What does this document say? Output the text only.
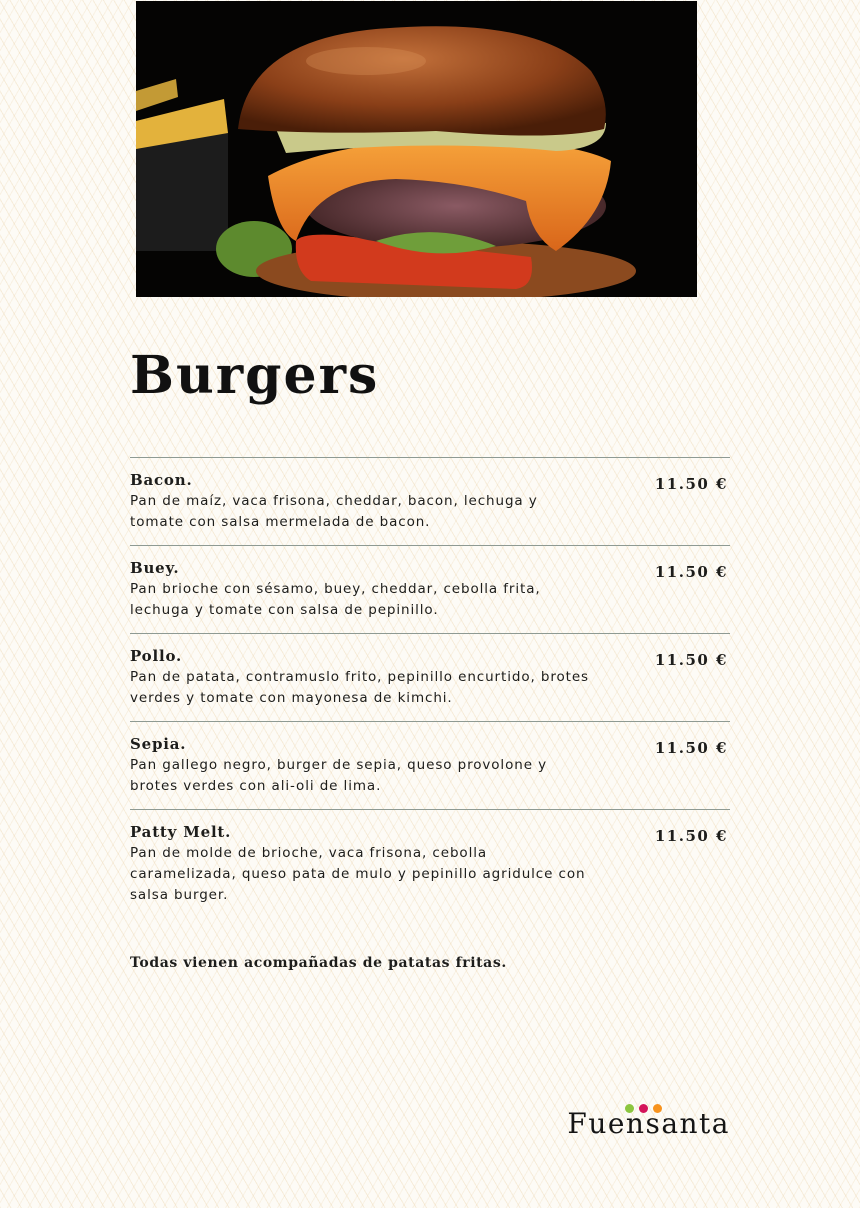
Burgers
Bacon.
Pan de maíz, vaca frisona, cheddar, bacon, lechuga y tomate con salsa mermelada de bacon.
11.50 €
Buey.
Pan brioche con sésamo, buey, cheddar, cebolla frita, lechuga y tomate con salsa de pepinillo.
11.50 €
Pollo.
Pan de patata, contramuslo frito, pepinillo encurtido, brotes verdes y tomate con mayonesa de kimchi.
11.50 €
Sepia.
Pan gallego negro, burger de sepia, queso provolone y brotes verdes con ali-oli de lima.
11.50 €
Patty Melt.
Pan de molde de brioche, vaca frisona, cebolla caramelizada, queso pata de mulo y pepinillo agridulce con salsa burger.
11.50 €
Todas vienen acompañadas de patatas fritas.
Fuensanta
